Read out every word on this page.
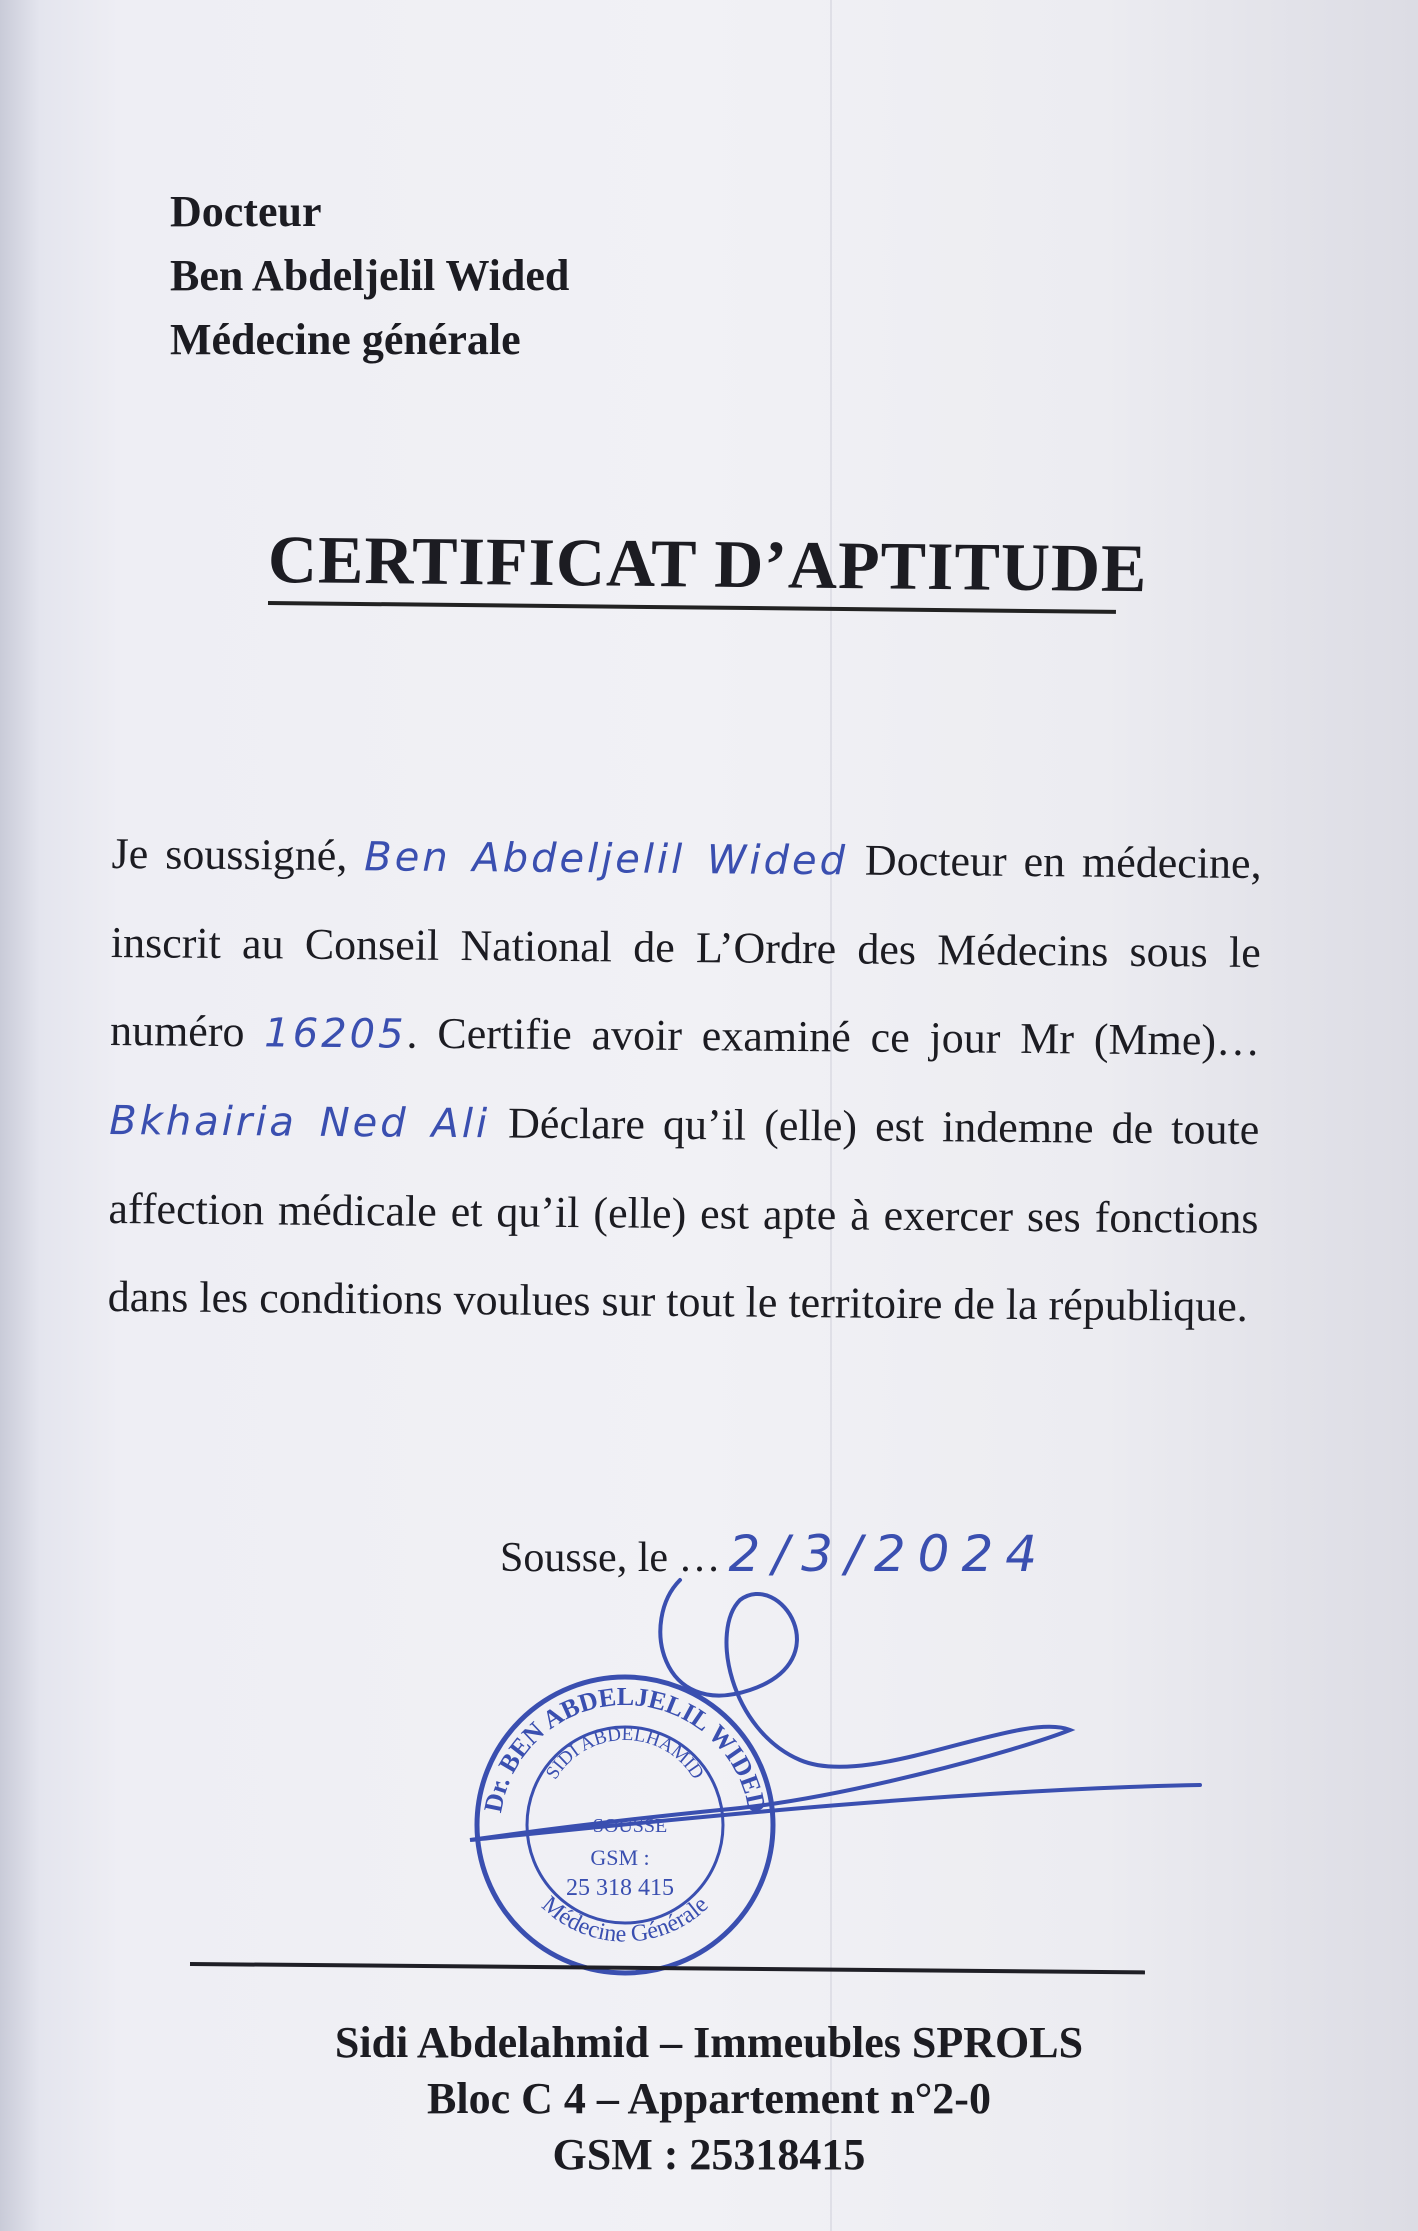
Docteur
Ben Abdeljelil Wided
Médecine générale
CERTIFICAT D’APTITUDE
Je soussigné, Ben Abdeljelil Wided Docteur en médecine, inscrit au Conseil National de L’Ordre des Médecins sous le numéro 16205. Certifie avoir examiné ce jour Mr (Mme)… Bkhairia Ned Ali Déclare qu’il (elle) est indemne de toute affection médicale et qu’il (elle) est apte à exercer ses fonctions dans les conditions voulues sur tout le territoire de la république.
Sousse, le … 2/3/2024
Dr. BEN ABDELJELIL WIDED
Médecine Générale
SIDI ABDELHAMID
SOUSSE
GSM :
25 318 415
Sidi Abdelahmid – Immeubles SPROLS
Bloc C 4 – Appartement n°2-0
GSM : 25318415
